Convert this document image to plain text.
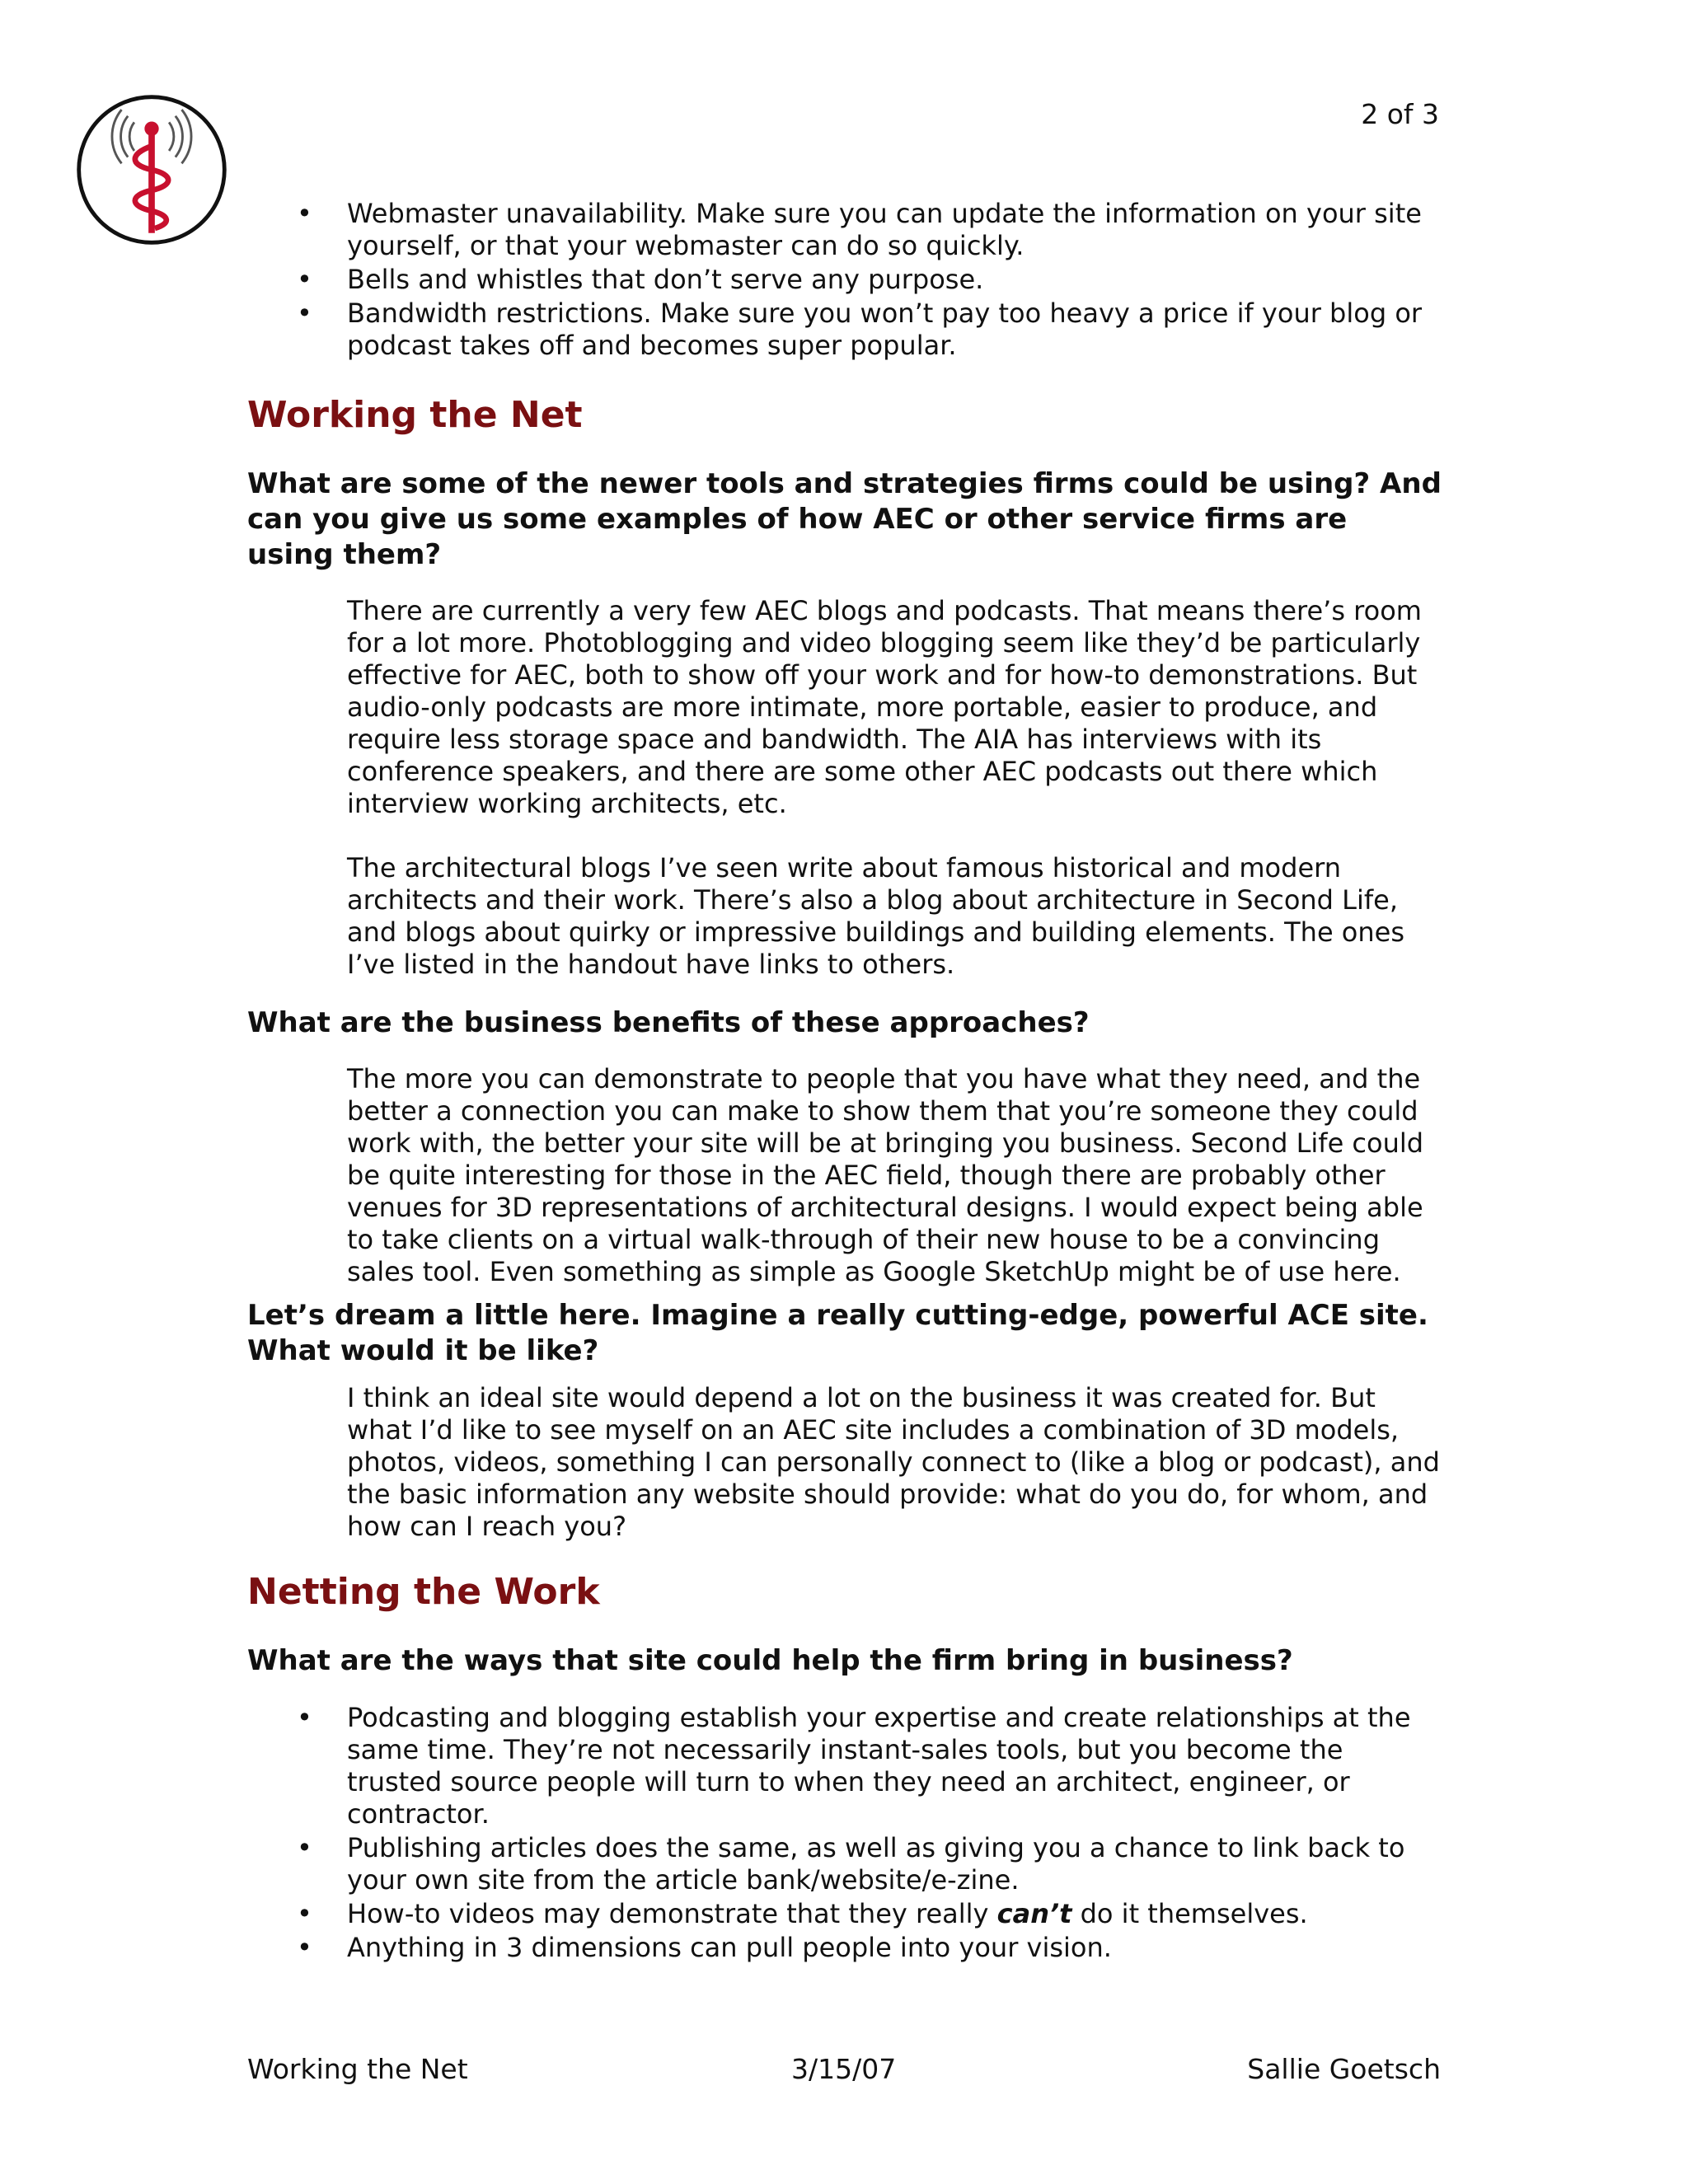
2 of 3
• Webmaster unavailability. Make sure you can update the information on your site yourself, or that your webmaster can do so quickly.
• Bells and whistles that don’t serve any purpose.
• Bandwidth restrictions. Make sure you won’t pay too heavy a price if your blog or podcast takes off and becomes super popular.
Working the Net
What are some of the newer tools and strategies firms could be using? And can you give us some examples of how AEC or other service firms are using them?

There are currently a very few AEC blogs and podcasts. That means there’s room for a lot more. Photoblogging and video blogging seem like they’d be particularly effective for AEC, both to show off your work and for how-to demonstrations. But audio-only podcasts are more intimate, more portable, easier to produce, and require less storage space and bandwidth. The AIA has interviews with its conference speakers, and there are some other AEC podcasts out there which interview working architects, etc.

The architectural blogs I’ve seen write about famous historical and modern architects and their work. There’s also a blog about architecture in Second Life, and blogs about quirky or impressive buildings and building elements. The ones I’ve listed in the handout have links to others.

What are the business benefits of these approaches?

The more you can demonstrate to people that you have what they need, and the better a connection you can make to show them that you’re someone they could work with, the better your site will be at bringing you business. Second Life could be quite interesting for those in the AEC field, though there are probably other venues for 3D representations of architectural designs. I would expect being able to take clients on a virtual walk-through of their new house to be a convincing sales tool. Even something as simple as Google SketchUp might be of use here.

Let’s dream a little here. Imagine a really cutting-edge, powerful ACE site. What would it be like?

I think an ideal site would depend a lot on the business it was created for. But what I’d like to see myself on an AEC site includes a combination of 3D models, photos, videos, something I can personally connect to (like a blog or podcast), and the basic information any website should provide: what do you do, for whom, and how can I reach you?

Netting the Work
What are the ways that site could help the firm bring in business?
• Podcasting and blogging establish your expertise and create relationships at the same time. They’re not necessarily instant-sales tools, but you become the trusted source people will turn to when they need an architect, engineer, or contractor.
• Publishing articles does the same, as well as giving you a chance to link back to your own site from the article bank/website/e-zine.
• How-to videos may demonstrate that they really can’t do it themselves.
• Anything in 3 dimensions can pull people into your vision.
Working the Net	3/15/07	Sallie Goetsch
